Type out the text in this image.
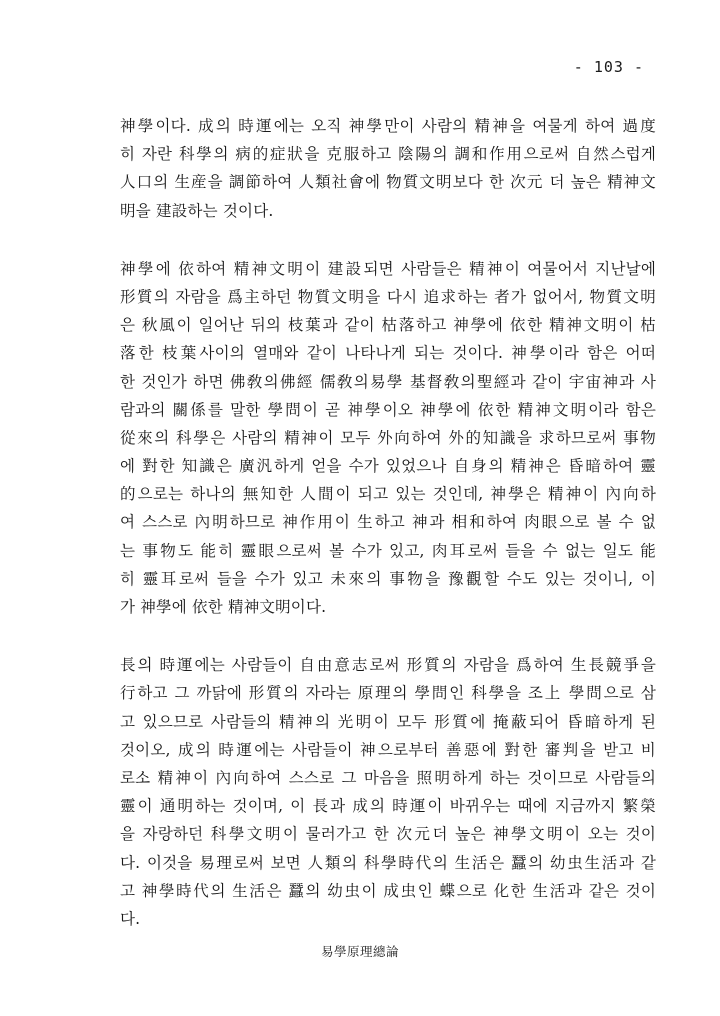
- 103 -

神學이다. 成의 時運에는 오직 神學만이 사람의 精神을 여물게 하여 過度
히 자란 科學의 病的症狀을 克服하고 陰陽의 調和作用으로써 自然스럽게
人口의 生産을 調節하여 人類社會에 物質文明보다 한 次元 더 높은 精神文
明을 建設하는 것이다.

神學에 依하여 精神文明이 建設되면 사람들은 精神이 여물어서 지난날에
形質의 자람을 爲主하던 物質文明을 다시 追求하는 者가 없어서, 物質文明
은 秋風이 일어난 뒤의 枝葉과 같이 枯落하고 神學에 依한 精神文明이 枯
落한 枝葉사이의 열매와 같이 나타나게 되는 것이다. 神學이라 함은 어떠
한 것인가 하면 佛敎의佛經 儒敎의易學 基督敎의聖經과 같이 宇宙神과 사
람과의 關係를 말한 學問이 곧 神學이오 神學에 依한 精神文明이라 함은
從來의 科學은 사람의 精神이 모두 外向하여 外的知識을 求하므로써 事物
에 對한 知識은 廣汎하게 얻을 수가 있었으나 自身의 精神은 昏暗하여 靈
的으로는 하나의 無知한 人間이 되고 있는 것인데, 神學은 精神이 內向하
여 스스로 內明하므로 神作用이 生하고 神과 相和하여 肉眼으로 볼 수 없
는 事物도 能히 靈眼으로써 볼 수가 있고, 肉耳로써 들을 수 없는 일도 能
히 靈耳로써 들을 수가 있고 未來의 事物을 豫觀할 수도 있는 것이니, 이
가 神學에 依한 精神文明이다.

長의 時運에는 사람들이 自由意志로써 形質의 자람을 爲하여 生長競爭을
行하고 그 까닭에 形質의 자라는 原理의 學問인 科學을 조上 學問으로 삼
고 있으므로 사람들의 精神의 光明이 모두 形質에 掩蔽되어 昏暗하게 된
것이오, 成의 時運에는 사람들이 神으로부터 善惡에 對한 審判을 받고 비
로소 精神이 內向하여 스스로 그 마음을 照明하게 하는 것이므로 사람들의
靈이 通明하는 것이며, 이 長과 成의 時運이 바뀌우는 때에 지금까지 繁榮
을 자랑하던 科學文明이 물러가고 한 次元더 높은 神學文明이 오는 것이
다. 이것을 易理로써 보면 人類의 科學時代의 生活은 蠶의 幼虫生活과 같
고 神學時代의 生活은 蠶의 幼虫이 成虫인 蝶으로 化한 生活과 같은 것이
다.

易學原理總論
